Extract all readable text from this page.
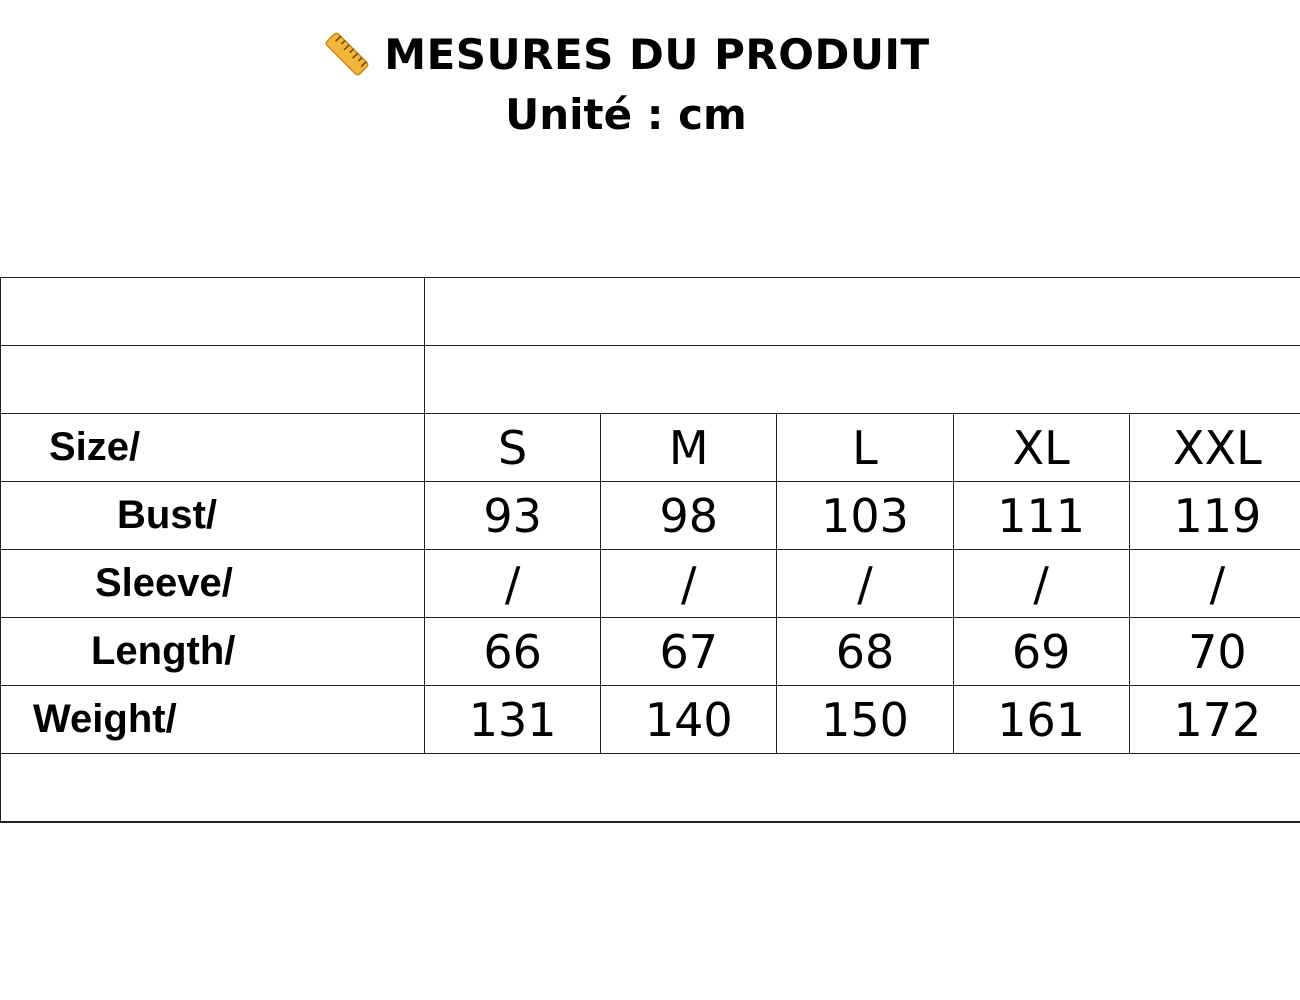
MESURES DU PRODUIT
Unité : cm

Size/	S	M	L	XL	XXL
Bust/	93	98	103	111	119
Sleeve/	/	/	/	/	/
Length/	66	67	68	69	70
Weight/	131	140	150	161	172
